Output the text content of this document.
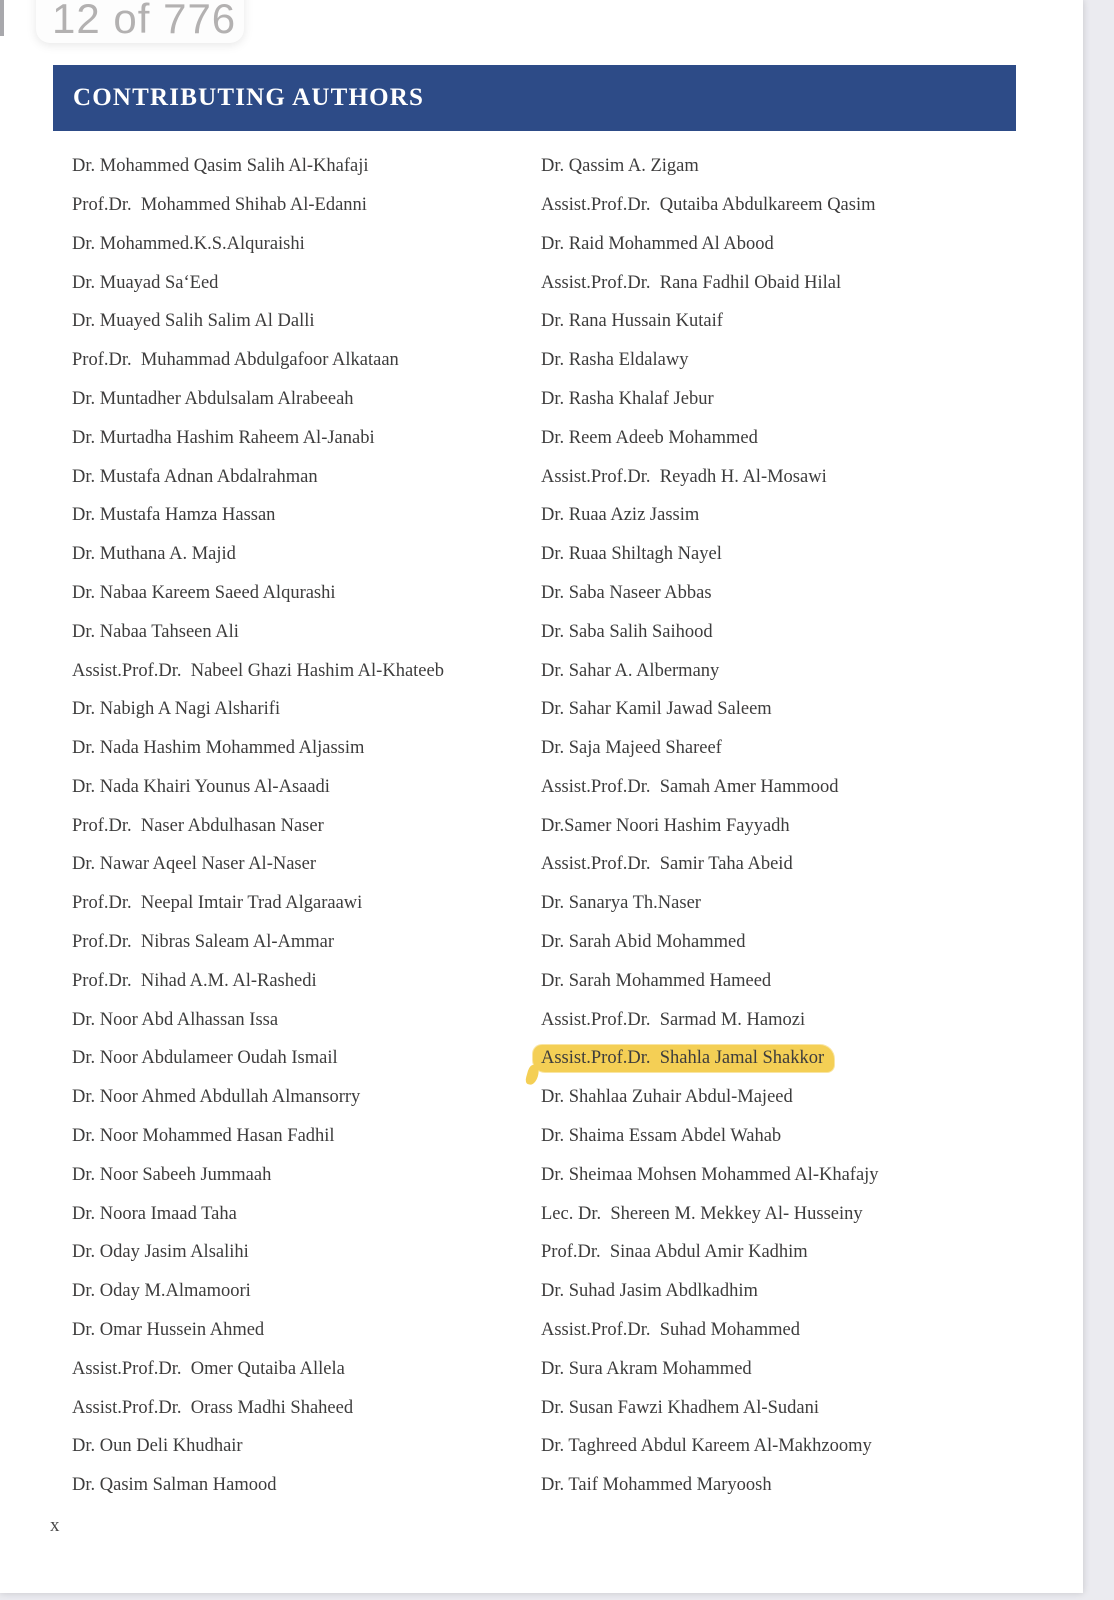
CONTRIBUTING AUTHORS
Dr. Mohammed Qasim Salih Al-Khafaji
Prof.Dr.  Mohammed Shihab Al-Edanni
Dr. Mohammed.K.S.Alquraishi
Dr. Muayad Sa‘Eed
Dr. Muayed Salih Salim Al Dalli
Prof.Dr.  Muhammad Abdulgafoor Alkataan
Dr. Muntadher Abdulsalam Alrabeeah
Dr. Murtadha Hashim Raheem Al-Janabi
Dr. Mustafa Adnan Abdalrahman
Dr. Mustafa Hamza Hassan
Dr. Muthana A. Majid
Dr. Nabaa Kareem Saeed Alqurashi
Dr. Nabaa Tahseen Ali
Assist.Prof.Dr.  Nabeel Ghazi Hashim Al-Khateeb
Dr. Nabigh A Nagi Alsharifi
Dr. Nada Hashim Mohammed Aljassim
Dr. Nada Khairi Younus Al-Asaadi
Prof.Dr.  Naser Abdulhasan Naser
Dr. Nawar Aqeel Naser Al-Naser
Prof.Dr.  Neepal Imtair Trad Algaraawi
Prof.Dr.  Nibras Saleam Al-Ammar
Prof.Dr.  Nihad A.M. Al-Rashedi
Dr. Noor Abd Alhassan Issa
Dr. Noor Abdulameer Oudah Ismail
Dr. Noor Ahmed Abdullah Almansorry
Dr. Noor Mohammed Hasan Fadhil
Dr. Noor Sabeeh Jummaah
Dr. Noora Imaad Taha
Dr. Oday Jasim Alsalihi
Dr. Oday M.Almamoori
Dr. Omar Hussein Ahmed
Assist.Prof.Dr.  Omer Qutaiba Allela
Assist.Prof.Dr.  Orass Madhi Shaheed
Dr. Oun Deli Khudhair
Dr. Qasim Salman Hamood
Dr. Qassim A. Zigam
Assist.Prof.Dr.  Qutaiba Abdulkareem Qasim
Dr. Raid Mohammed Al Abood
Assist.Prof.Dr.  Rana Fadhil Obaid Hilal
Dr. Rana Hussain Kutaif
Dr. Rasha Eldalawy
Dr. Rasha Khalaf Jebur
Dr. Reem Adeeb Mohammed
Assist.Prof.Dr.  Reyadh H. Al-Mosawi
Dr. Ruaa Aziz Jassim
Dr. Ruaa Shiltagh Nayel
Dr. Saba Naseer Abbas
Dr. Saba Salih Saihood
Dr. Sahar A. Albermany
Dr. Sahar Kamil Jawad Saleem
Dr. Saja Majeed Shareef
Assist.Prof.Dr.  Samah Amer Hammood
Dr.Samer Noori Hashim Fayyadh
Assist.Prof.Dr.  Samir Taha Abeid
Dr. Sanarya Th.Naser
Dr. Sarah Abid Mohammed
Dr. Sarah Mohammed Hameed
Assist.Prof.Dr.  Sarmad M. Hamozi
Assist.Prof.Dr.  Shahla Jamal Shakkor
Dr. Shahlaa Zuhair Abdul-Majeed
Dr. Shaima Essam Abdel Wahab
Dr. Sheimaa Mohsen Mohammed Al-Khafajy
Lec. Dr.  Shereen M. Mekkey Al- Husseiny
Prof.Dr.  Sinaa Abdul Amir Kadhim
Dr. Suhad Jasim Abdlkadhim
Assist.Prof.Dr.  Suhad Mohammed
Dr. Sura Akram Mohammed
Dr. Susan Fawzi Khadhem Al-Sudani
Dr. Taghreed Abdul Kareem Al-Makhzoomy
Dr. Taif Mohammed Maryoosh
x
12 of 776
